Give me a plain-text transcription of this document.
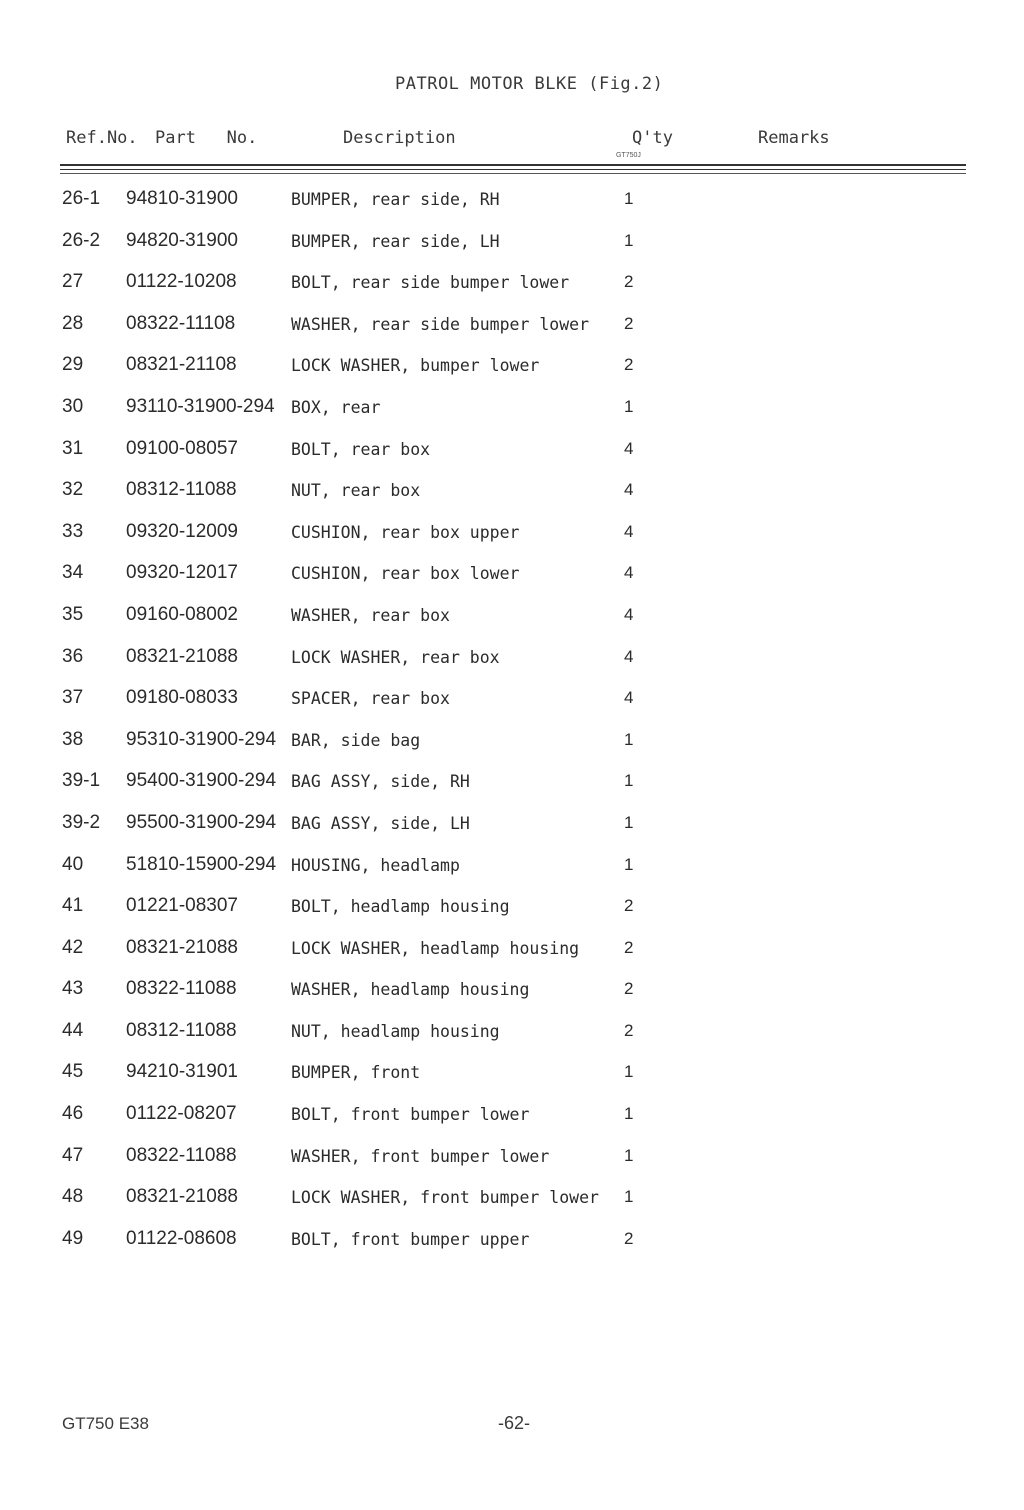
PATROL MOTOR BLKE (Fig.2)
Ref.No. Part   No.	Description	Q'ty
GT750J
Remarks
26-1 94810-31900	BUMPER, rear side, RH	1
26-2 94820-31900	BUMPER, rear side, LH	1
27 01122-10208	BOLT, rear side bumper lower	2
28 08322-11108	WASHER, rear side bumper lower 2
29 08321-21108	LOCK WASHER, bumper lower	2
30 93110-31900-294 BOX, rear	1
31 09100-08057	BOLT, rear box	4
32 08312-11088	NUT, rear box	4
33 09320-12009	CUSHION, rear box upper	4
34 09320-12017	CUSHION, rear box lower	4
35 09160-08002	WASHER, rear box	4
36 08321-21088	LOCK WASHER, rear box	4
37 09180-08033	SPACER, rear box	4
38 95310-31900-294 BAR, side bag	1
39-1 95400-31900-294 BAG ASSY, side, RH	1
39-2 95500-31900-294 BAG ASSY, side, LH	1
40 51810-15900-294 HOUSING, headlamp	1
41 01221-08307	BOLT, headlamp housing	2
42 08321-21088	LOCK WASHER, headlamp housing	2
43 08322-11088	WASHER, headlamp housing	2
44 08312-11088	NUT, headlamp housing	2
45 94210-31901	BUMPER, front	1
46 01122-08207	BOLT, front bumper lower	1
47 08322-11088	WASHER, front bumper lower	1
48 08321-21088	LOCK WASHER, front bumper lower 1
49 01122-08608	BOLT, front bumper upper	2
GT750 E38	-62-
